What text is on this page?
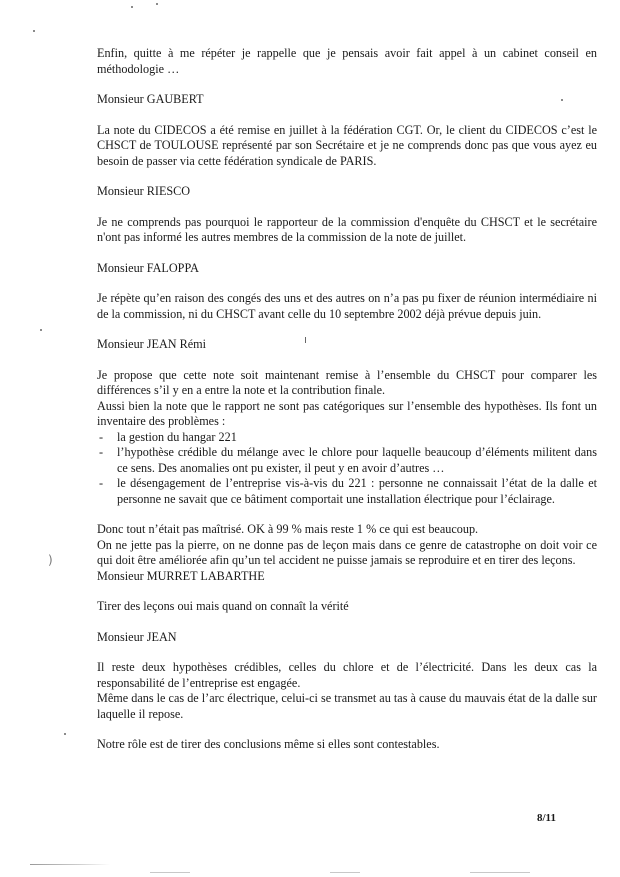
)

Enfin, quitte à me répéter je rappelle que je pensais avoir fait appel à un cabinet conseil en méthodologie …

Monsieur GAUBERT

La note du CIDECOS a été remise en juillet à la fédération CGT. Or, le client du CIDECOS c’est le CHSCT de TOULOUSE représenté par son Secrétaire et je ne comprends donc pas que vous ayez eu besoin de passer via cette fédération syndicale de PARIS.

Monsieur RIESCO

Je ne comprends pas pourquoi le rapporteur de la commission d'enquête du CHSCT et le secrétaire n'ont pas informé les autres membres de la commission de la note de juillet.

Monsieur FALOPPA

Je répète qu’en raison des congés des uns et des autres on n’a pas pu fixer de réunion intermédiaire ni de la commission, ni du CHSCT avant celle du 10 septembre 2002 déjà prévue depuis juin.

Monsieur JEAN Rémi

Je propose que cette note soit maintenant remise à l’ensemble du CHSCT pour comparer les différences s’il y en a entre la note et la contribution finale.

Aussi bien la note que le rapport ne sont pas catégoriques sur l’ensemble des hypothèses. Ils font un inventaire des problèmes :

- la gestion du hangar 221
- l’hypothèse crédible du mélange avec le chlore pour laquelle beaucoup d’éléments militent dans ce sens. Des anomalies ont pu exister, il peut y en avoir d’autres …
- le désengagement de l’entreprise vis-à-vis du 221 : personne ne connaissait l’état de la dalle et personne ne savait que ce bâtiment comportait une installation électrique pour l’éclairage.

Donc tout n’était pas maîtrisé. OK à 99 % mais reste 1 % ce qui est beaucoup.

On ne jette pas la pierre, on ne donne pas de leçon mais dans ce genre de catastrophe on doit voir ce qui doit être améliorée afin qu’un tel accident ne puisse jamais se reproduire et en tirer des leçons.

Monsieur MURRET LABARTHE

Tirer des leçons oui mais quand on connaît la vérité

Monsieur JEAN

Il reste deux hypothèses crédibles, celles du chlore et de l’électricité. Dans les deux cas la responsabilité de l’entreprise est engagée.

Même dans le cas de l’arc électrique, celui-ci se transmet au tas à cause du mauvais état de la dalle sur laquelle il repose.

Notre rôle est de tirer des conclusions même si elles sont contestables.

8/11
